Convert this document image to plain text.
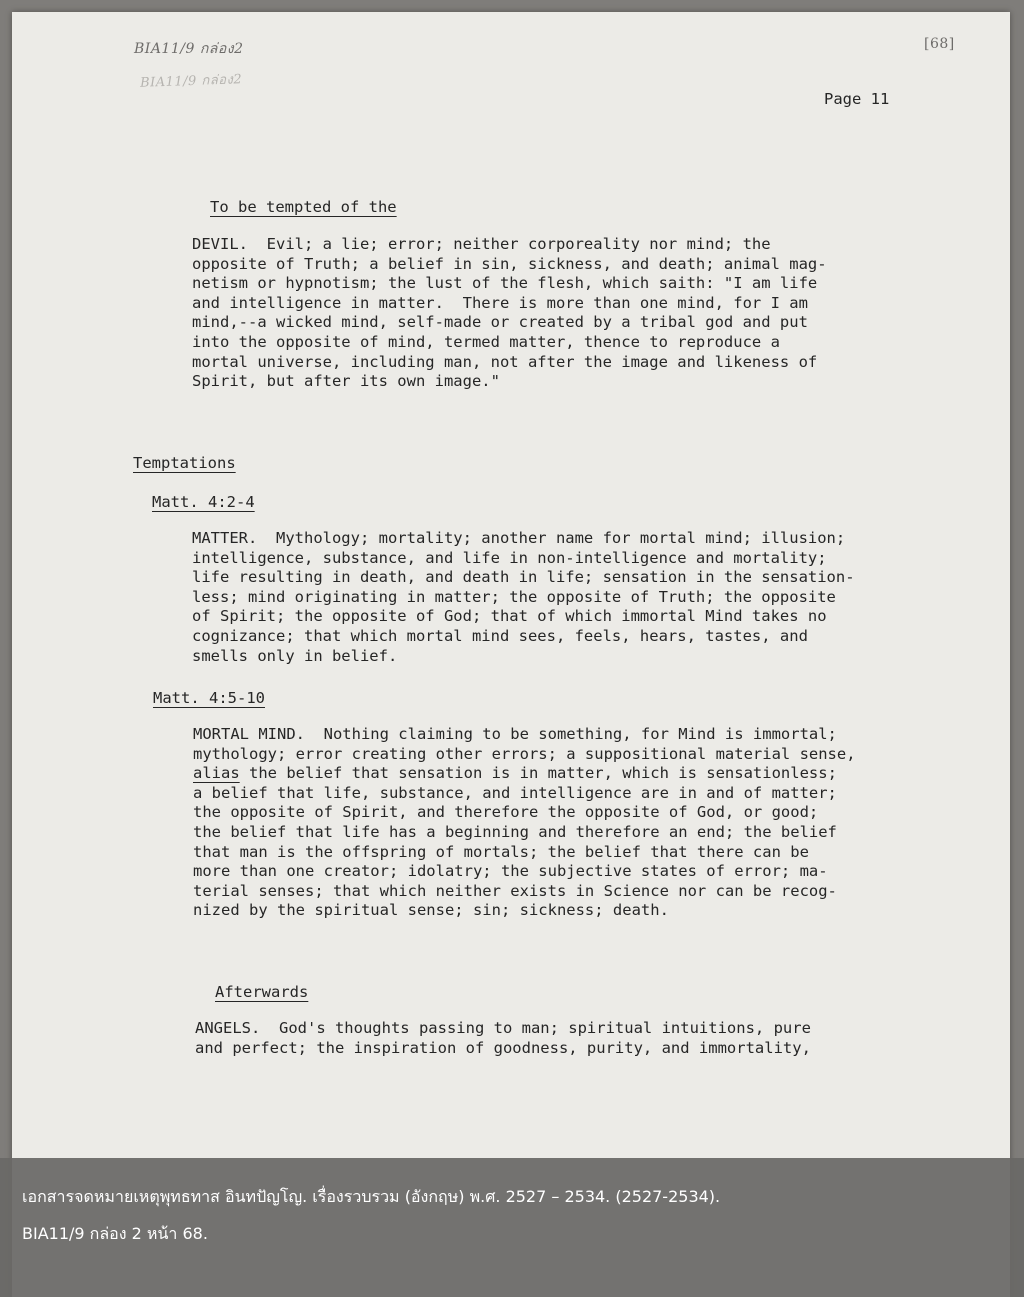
BIA11/9 กล่อง2
BIA11/9 กล่อง2
[68]
Page 11
To be tempted of the
DEVIL.  Evil; a lie; error; neither corporeality nor mind; the
opposite of Truth; a belief in sin, sickness, and death; animal mag-
netism or hypnotism; the lust of the flesh, which saith: "I am life
and intelligence in matter.  There is more than one mind, for I am
mind,--a wicked mind, self-made or created by a tribal god and put
into the opposite of mind, termed matter, thence to reproduce a
mortal universe, including man, not after the image and likeness of
Spirit, but after its own image."
Temptations
Matt. 4:2-4
MATTER.  Mythology; mortality; another name for mortal mind; illusion;
intelligence, substance, and life in non-intelligence and mortality;
life resulting in death, and death in life; sensation in the sensation-
less; mind originating in matter; the opposite of Truth; the opposite
of Spirit; the opposite of God; that of which immortal Mind takes no
cognizance; that which mortal mind sees, feels, hears, tastes, and
smells only in belief.
Matt. 4:5-10
MORTAL MIND.  Nothing claiming to be something, for Mind is immortal;
mythology; error creating other errors; a suppositional material sense,
alias the belief that sensation is in matter, which is sensationless;
a belief that life, substance, and intelligence are in and of matter;
the opposite of Spirit, and therefore the opposite of God, or good;
the belief that life has a beginning and therefore an end; the belief
that man is the offspring of mortals; the belief that there can be
more than one creator; idolatry; the subjective states of error; ma-
terial senses; that which neither exists in Science nor can be recog-
nized by the spiritual sense; sin; sickness; death.
Afterwards
ANGELS.  God's thoughts passing to man; spiritual intuitions, pure
and perfect; the inspiration of goodness, purity, and immortality,
เอกสารจดหมายเหตุพุทธทาส อินทปัญโญ. เรื่องรวบรวม (อังกฤษ) พ.ศ. 2527 – 2534. (2527-2534).
BIA11/9 กล่อง 2 หน้า 68.
